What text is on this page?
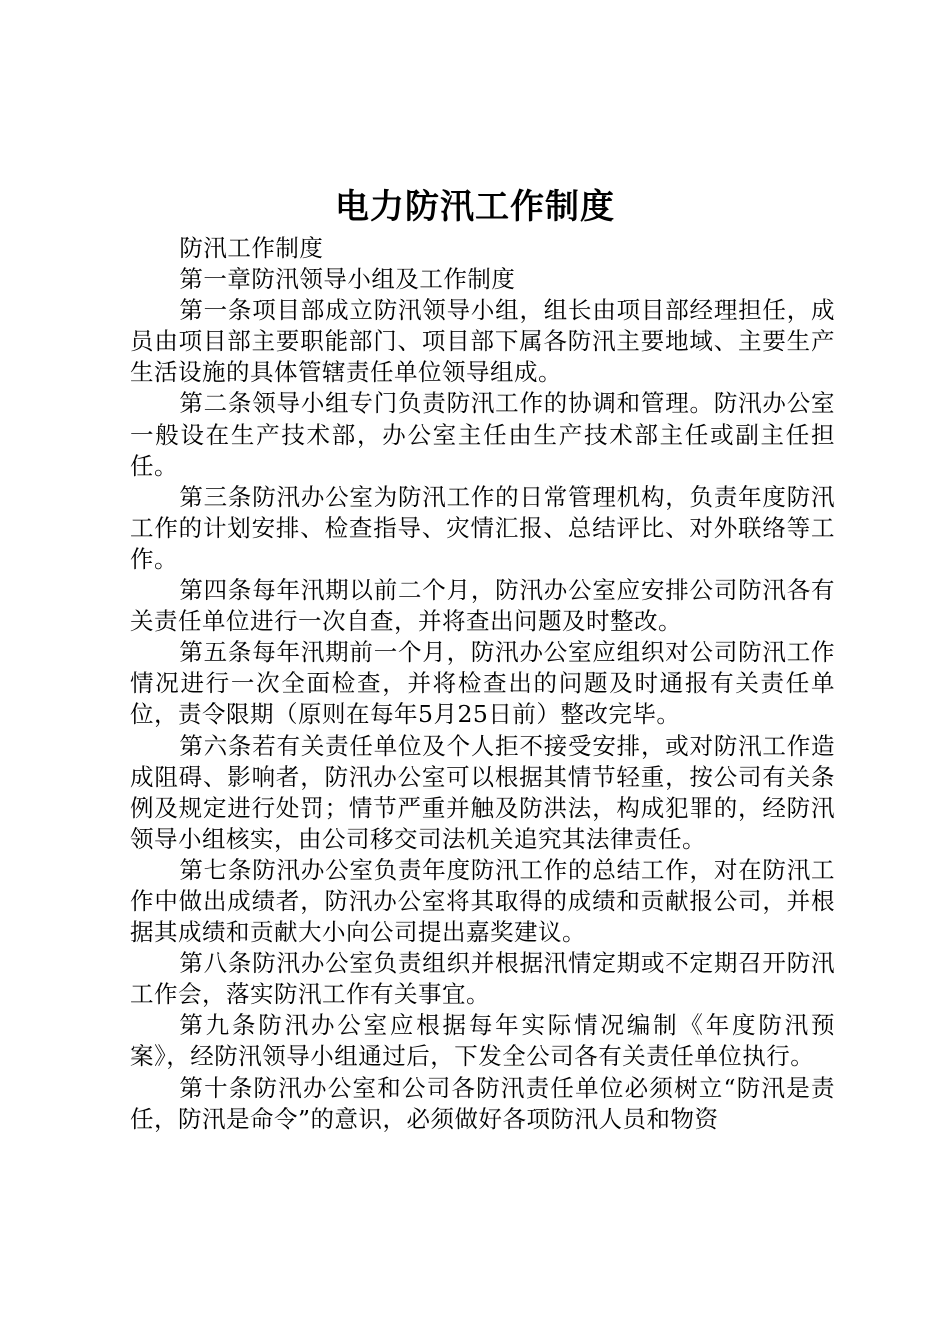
电力防汛工作制度

防汛工作制度

第一章防汛领导小组及工作制度

第一条项目部成立防汛领导小组，组长由项目部经理担任，成员由项目部主要职能部门、项目部下属各防汛主要地域、主要生产生活设施的具体管辖责任单位领导组成。

第二条领导小组专门负责防汛工作的协调和管理。防汛办公室一般设在生产技术部，办公室主任由生产技术部主任或副主任担任。

第三条防汛办公室为防汛工作的日常管理机构，负责年度防汛工作的计划安排、检查指导、灾情汇报、总结评比、对外联络等工作。

第四条每年汛期以前二个月，防汛办公室应安排公司防汛各有关责任单位进行一次自查，并将查出问题及时整改。

第五条每年汛期前一个月，防汛办公室应组织对公司防汛工作情况进行一次全面检查，并将检查出的问题及时通报有关责任单位，责令限期（原则在每年5月25日前）整改完毕。

第六条若有关责任单位及个人拒不接受安排，或对防汛工作造成阻碍、影响者，防汛办公室可以根据其情节轻重，按公司有关条例及规定进行处罚；情节严重并触及防洪法，构成犯罪的，经防汛领导小组核实，由公司移交司法机关追究其法律责任。

第七条防汛办公室负责年度防汛工作的总结工作，对在防汛工作中做出成绩者，防汛办公室将其取得的成绩和贡献报公司，并根据其成绩和贡献大小向公司提出嘉奖建议。

第八条防汛办公室负责组织并根据汛情定期或不定期召开防汛工作会，落实防汛工作有关事宜。

第九条防汛办公室应根据每年实际情况编制《年度防汛预案》，经防汛领导小组通过后，下发全公司各有关责任单位执行。

第十条防汛办公室和公司各防汛责任单位必须树立“防汛是责任，防汛是命令”的意识，必须做好各项防汛人员和物资
